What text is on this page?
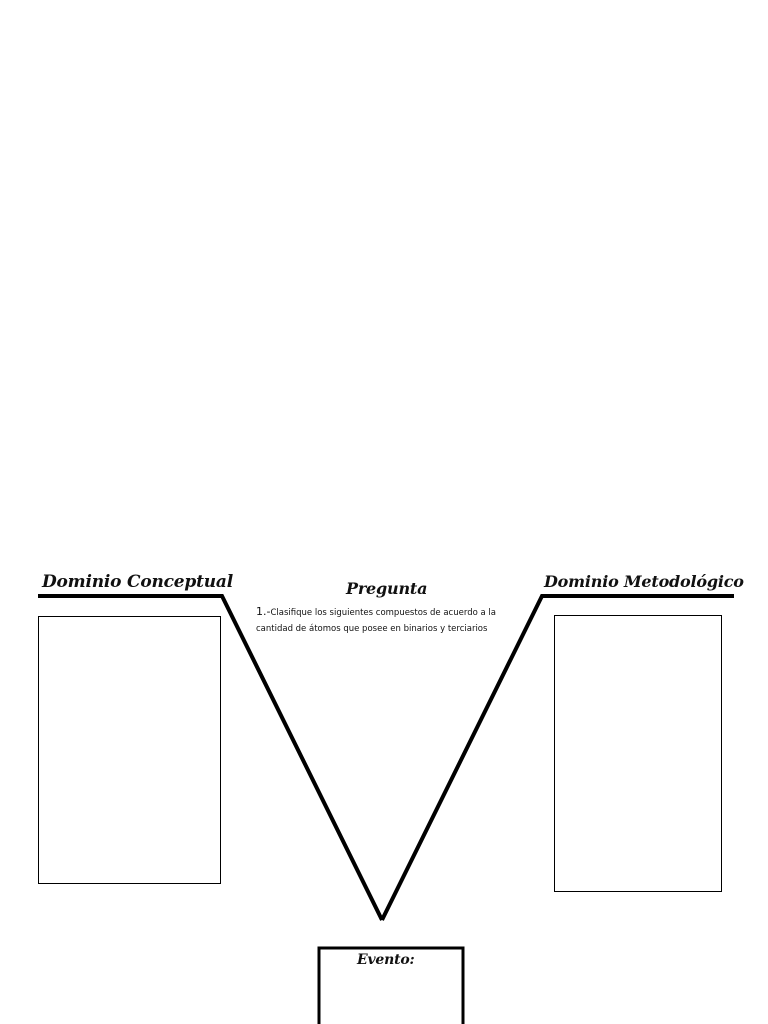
Dominio Conceptual	Pregunta	Dominio Metodológico
Evento:
1.-Clasifique los siguientes compuestos de acuerdo a la cantidad de átomos que posee en binarios y terciarios
